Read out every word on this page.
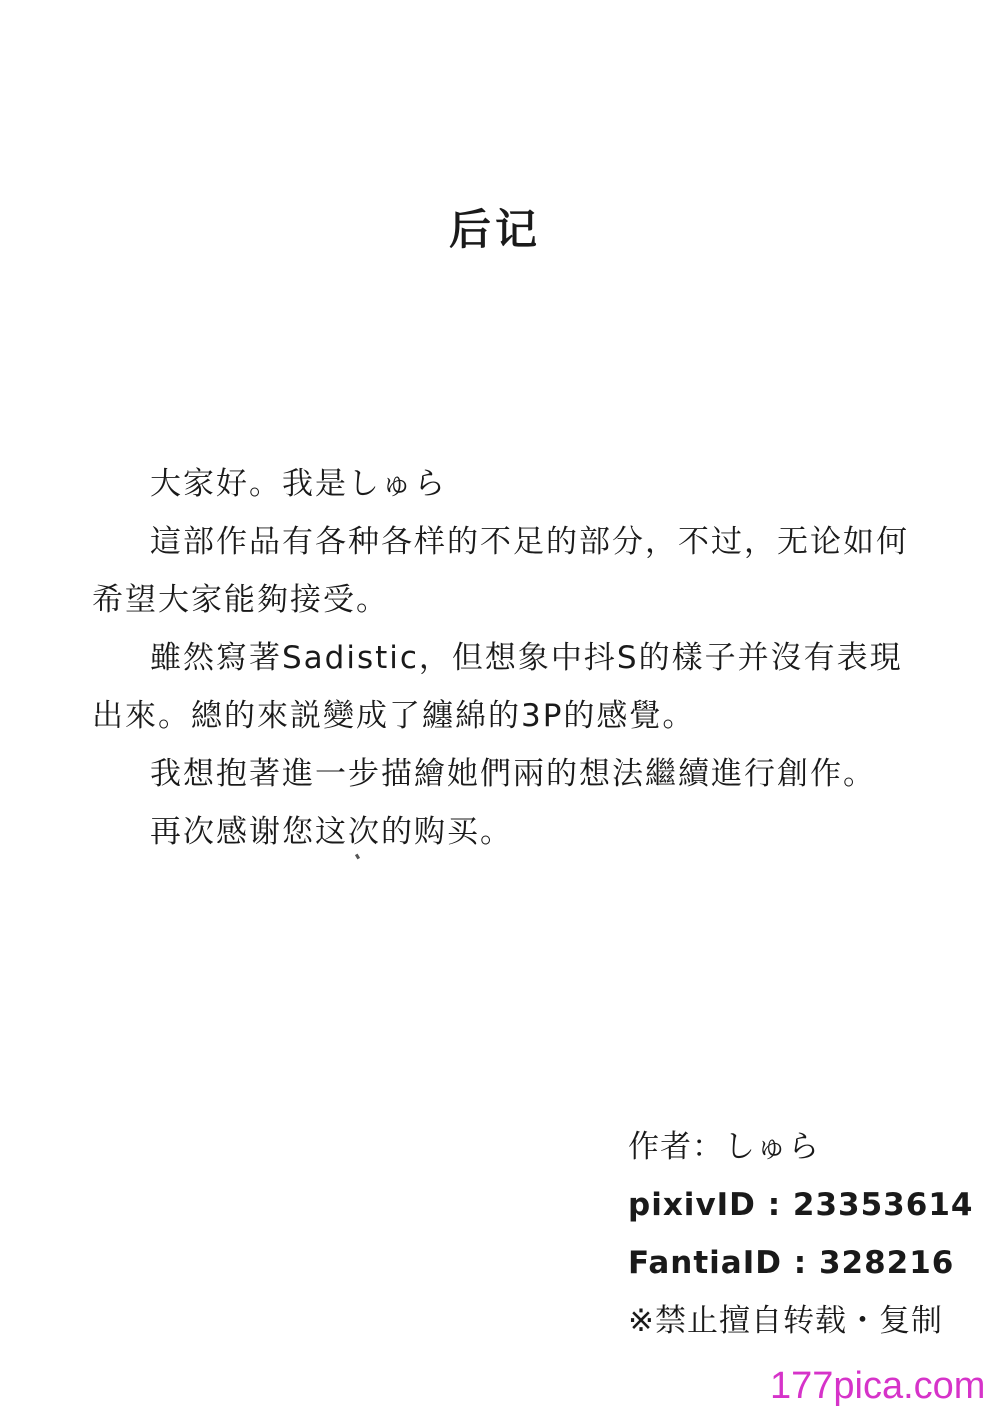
后记

大家好。我是しゅら

這部作品有各种各样的不足的部分，不过，无论如何希望大家能夠接受。

雖然寫著Sadistic，但想象中抖S的樣子并沒有表現出來。總的來説變成了纏綿的3P的感覺。

我想抱著進一步描繪她們兩的想法繼續進行創作。

再次感谢您这次的购买。

作者：しゅら
pixivID : 23353614
FantiaID : 328216
※禁止擅自转载・复制
177pica.com
